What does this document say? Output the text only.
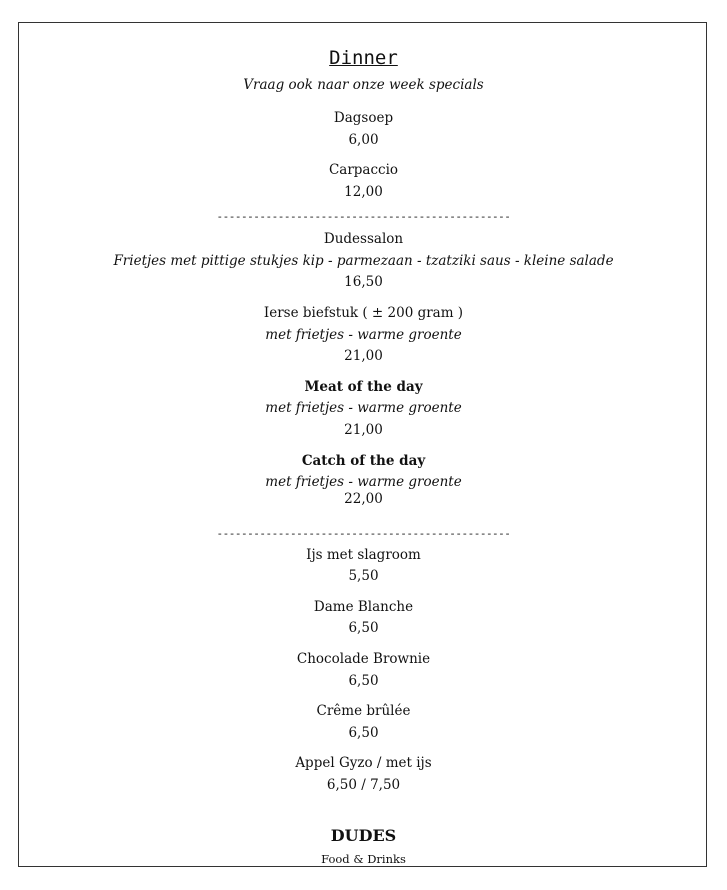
Dinner
Vraag ook naar onze week specials
Dagsoep
6,00
Carpaccio
12,00
------------------------------------------------
Dudessalon
Frietjes met pittige stukjes kip - parmezaan - tzatziki saus - kleine salade
16,50
Ierse biefstuk ( ± 200 gram )
met frietjes - warme groente
21,00
Meat of the day
met frietjes - warme groente
21,00
Catch of the day
met frietjes - warme groente
22,00
------------------------------------------------
Ijs met slagroom
5,50
Dame Blanche
6,50
Chocolade Brownie
6,50
Crême brûlée
6,50
Appel Gyzo / met ijs
6,50 / 7,50
DUDES
Food & Drinks
